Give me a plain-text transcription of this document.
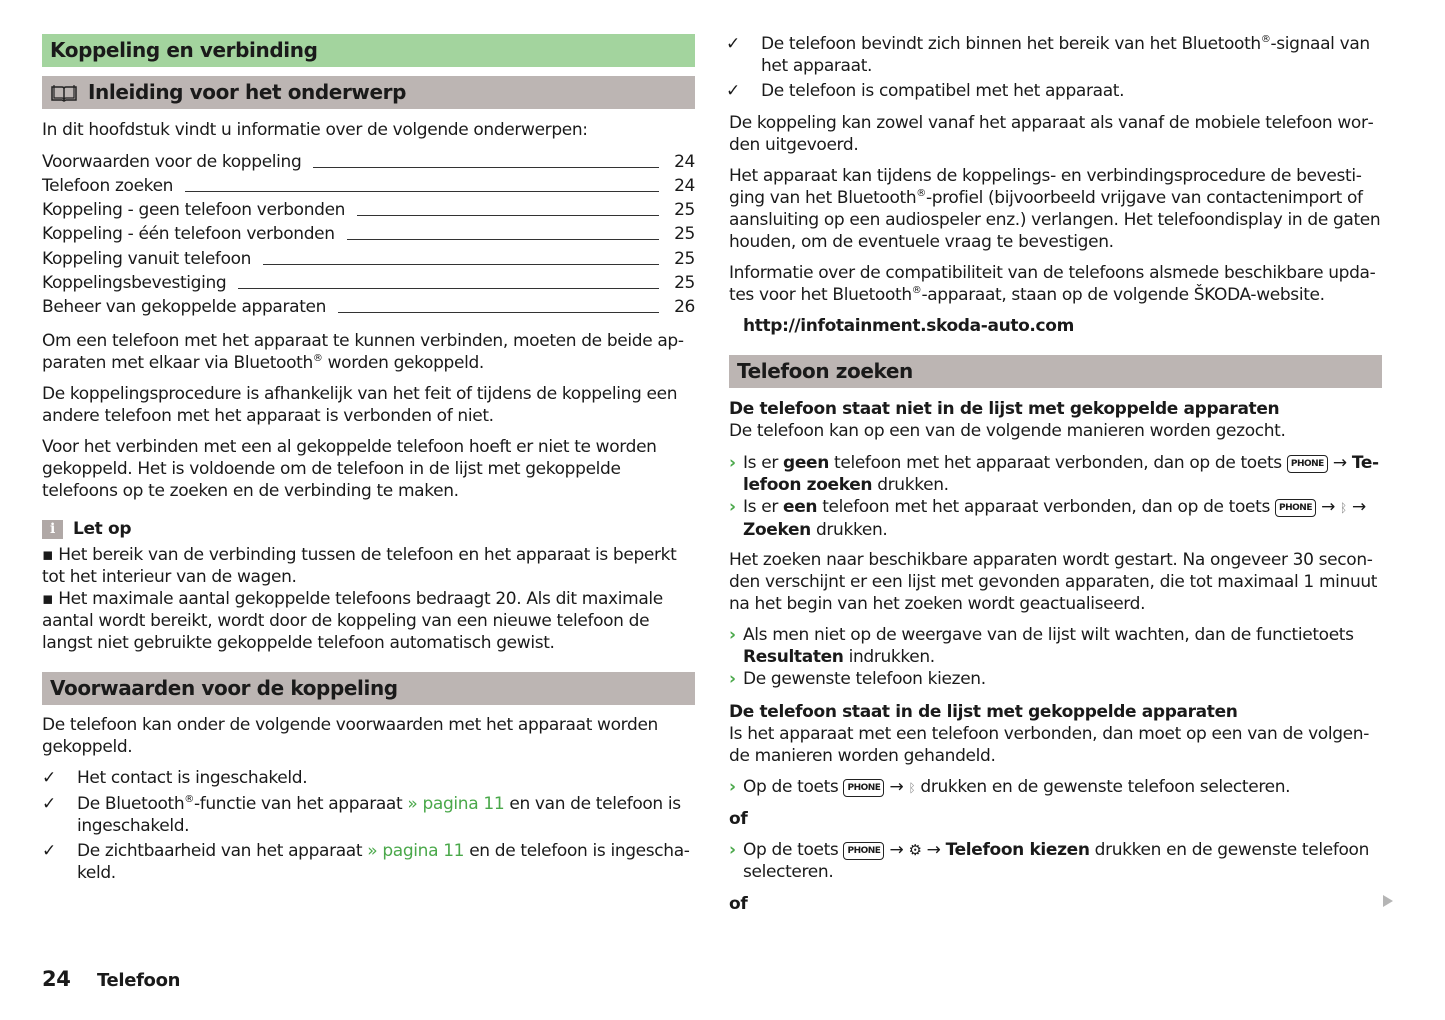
Koppeling en verbinding
Inleiding voor het onderwerp

In dit hoofdstuk vindt u informatie over de volgende onderwerpen:

Voorwaarden voor de koppeling	24
Telefoon zoeken	24
Koppeling - geen telefoon verbonden	25
Koppeling - één telefoon verbonden	25
Koppeling vanuit telefoon	25
Koppelingsbevestiging	25
Beheer van gekoppelde apparaten	26

Om een telefoon met het apparaat te kunnen verbinden, moeten de beide ap-
paraten met elkaar via Bluetooth® worden gekoppeld.

De koppelingsprocedure is afhankelijk van het feit of tijdens de koppeling een andere telefoon met het apparaat is verbonden of niet.

Voor het verbinden met een al gekoppelde telefoon hoeft er niet te worden gekoppeld. Het is voldoende om de telefoon in de lijst met gekoppelde telefoons op te zoeken en de verbinding te maken.

i	Let op

▪ Het bereik van de verbinding tussen de telefoon en het apparaat is beperkt tot het interieur van de wagen.

▪ Het maximale aantal gekoppelde telefoons bedraagt 20. Als dit maximale aantal wordt bereikt, wordt door de koppeling van een nieuwe telefoon de langst niet gebruikte gekoppelde telefoon automatisch gewist.

Voorwaarden voor de koppeling

De telefoon kan onder de volgende voorwaarden met het apparaat worden gekoppeld.

✓	Het contact is ingeschakeld.
✓	De Bluetooth®-functie van het apparaat » pagina 11 en van de telefoon is ingeschakeld.
✓	De zichtbaarheid van het apparaat » pagina 11 en de telefoon is ingeschakeld.
✓	De telefoon bevindt zich binnen het bereik van het Bluetooth®-signaal van het apparaat.
✓	De telefoon is compatibel met het apparaat.

De koppeling kan zowel vanaf het apparaat als vanaf de mobiele telefoon worden uitgevoerd.

Het apparaat kan tijdens de koppelings- en verbindingsprocedure de bevestiging van het Bluetooth®-profiel (bijvoorbeeld vrijgave van contactenimport of aansluiting op een audiospeler enz.) verlangen. Het telefoondisplay in de gaten houden, om de eventuele vraag te bevestigen.

Informatie over de compatibiliteit van de telefoons alsmede beschikbare updates voor het Bluetooth®-apparaat, staan op de volgende ŠKODA-website.

http://infotainment.skoda-auto.com
Telefoon zoeken

De telefoon staat niet in de lijst met gekoppelde apparaten

De telefoon kan op een van de volgende manieren worden gezocht.

› Is er geen telefoon met het apparaat verbonden, dan op de toets PHONE → Telefoon zoeken drukken.
› Is er een telefoon met het apparaat verbonden, dan op de toets PHONE → ᛒ → Zoeken drukken.

Het zoeken naar beschikbare apparaten wordt gestart. Na ongeveer 30 seconden verschijnt er een lijst met gevonden apparaten, die tot maximaal 1 minuut na het begin van het zoeken wordt geactualiseerd.

› Als men niet op de weergave van de lijst wilt wachten, dan de functietoets Resultaten indrukken.
› De gewenste telefoon kiezen.

De telefoon staat in de lijst met gekoppelde apparaten

Is het apparaat met een telefoon verbonden, dan moet op een van de volgende manieren worden gehandeld.

› Op de toets PHONE → ᛒ drukken en de gewenste telefoon selecteren.

of

› Op de toets PHONE → ⚙ → Telefoon kiezen drukken en de gewenste telefoon selecteren.

of

24 Telefoon
